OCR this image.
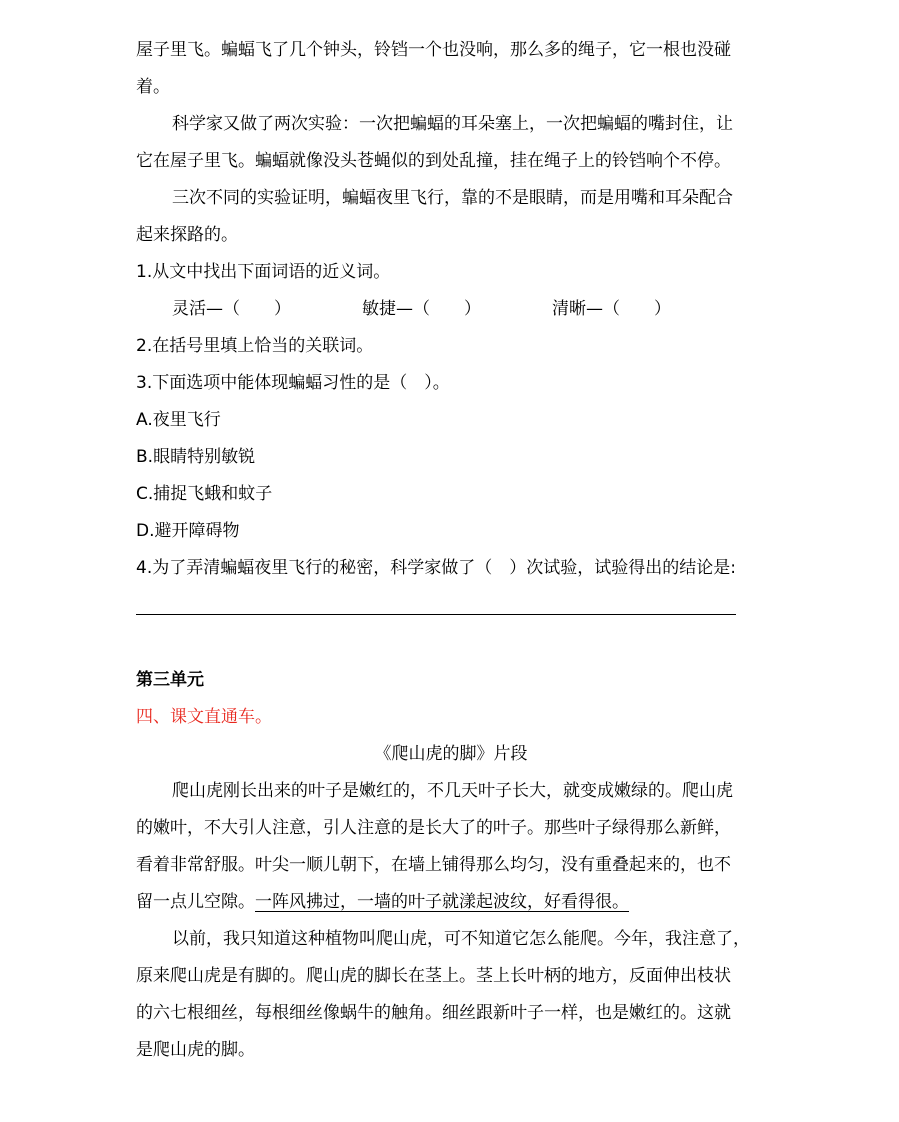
屋子里飞。蝙蝠飞了几个钟头，铃铛一个也没响，那么多的绳子，它一根也没碰
着。
科学家又做了两次实验：一次把蝙蝠的耳朵塞上，一次把蝙蝠的嘴封住，让
它在屋子里飞。蝙蝠就像没头苍蝇似的到处乱撞，挂在绳子上的铃铛响个不停。
三次不同的实验证明，蝙蝠夜里飞行，靠的不是眼睛，而是用嘴和耳朵配合
起来探路的。
1.从文中找出下面词语的近义词。
灵活—（　　）	敏捷—（　　）	清晰—（　　）
2.在括号里填上恰当的关联词。
3.下面选项中能体现蝙蝠习性的是（　）。
A.夜里飞行
B.眼睛特别敏锐
C.捕捉飞蛾和蚊子
D.避开障碍物
4.为了弄清蝙蝠夜里飞行的秘密，科学家做了（　）次试验，试验得出的结论是:
第三单元
四、课文直通车。
《爬山虎的脚》片段
爬山虎刚长出来的叶子是嫩红的，不几天叶子长大，就变成嫩绿的。爬山虎
的嫩叶，不大引人注意，引人注意的是长大了的叶子。那些叶子绿得那么新鲜，
看着非常舒服。叶尖一顺儿朝下，在墙上铺得那么均匀，没有重叠起来的，也不
留一点儿空隙。一阵风拂过，一墙的叶子就漾起波纹，好看得很。
以前，我只知道这种植物叫爬山虎，可不知道它怎么能爬。今年，我注意了，
原来爬山虎是有脚的。爬山虎的脚长在茎上。茎上长叶柄的地方，反面伸出枝状
的六七根细丝，每根细丝像蜗牛的触角。细丝跟新叶子一样，也是嫩红的。这就
是爬山虎的脚。
